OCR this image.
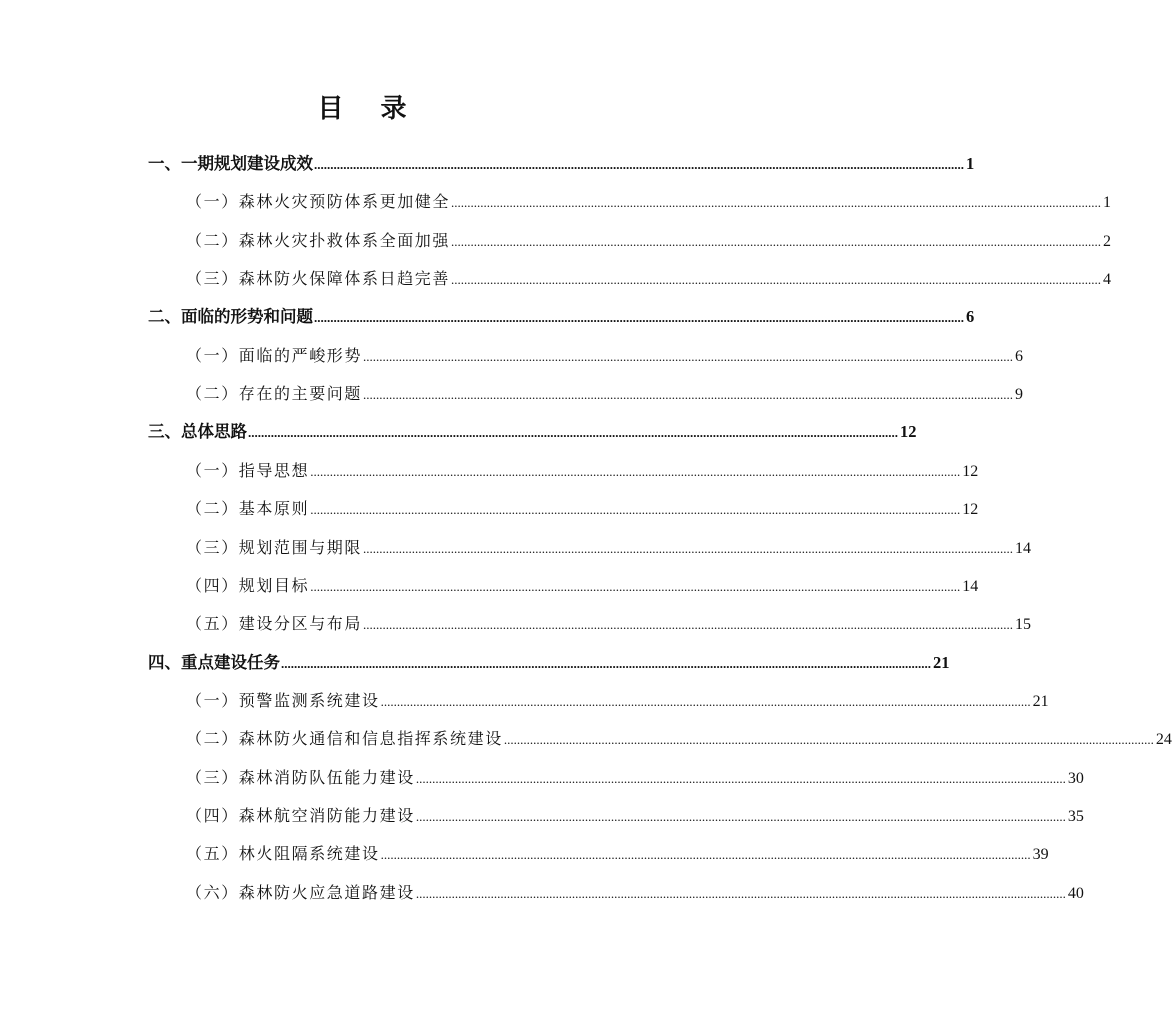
目 录
一、一期规划建设成效 ........................................................................................................................................................................................................ 1
（一）森林火灾预防体系更加健全 ........................................................................................................................................................................................................ 1
（二）森林火灾扑救体系全面加强 ........................................................................................................................................................................................................ 2
（三）森林防火保障体系日趋完善 ........................................................................................................................................................................................................ 4
二、面临的形势和问题 ........................................................................................................................................................................................................ 6
（一）面临的严峻形势 ........................................................................................................................................................................................................ 6
（二）存在的主要问题 ........................................................................................................................................................................................................ 9
三、总体思路 ........................................................................................................................................................................................................ 12
（一）指导思想 ........................................................................................................................................................................................................ 12
（二）基本原则 ........................................................................................................................................................................................................ 12
（三）规划范围与期限 ........................................................................................................................................................................................................ 14
（四）规划目标 ........................................................................................................................................................................................................ 14
（五）建设分区与布局 ........................................................................................................................................................................................................ 15
四、重点建设任务 ........................................................................................................................................................................................................ 21
（一）预警监测系统建设 ........................................................................................................................................................................................................ 21
（二）森林防火通信和信息指挥系统建设 ........................................................................................................................................................................................................ 24
（三）森林消防队伍能力建设 ........................................................................................................................................................................................................ 30
（四）森林航空消防能力建设 ........................................................................................................................................................................................................ 35
（五）林火阻隔系统建设 ........................................................................................................................................................................................................ 39
（六）森林防火应急道路建设 ........................................................................................................................................................................................................ 40
